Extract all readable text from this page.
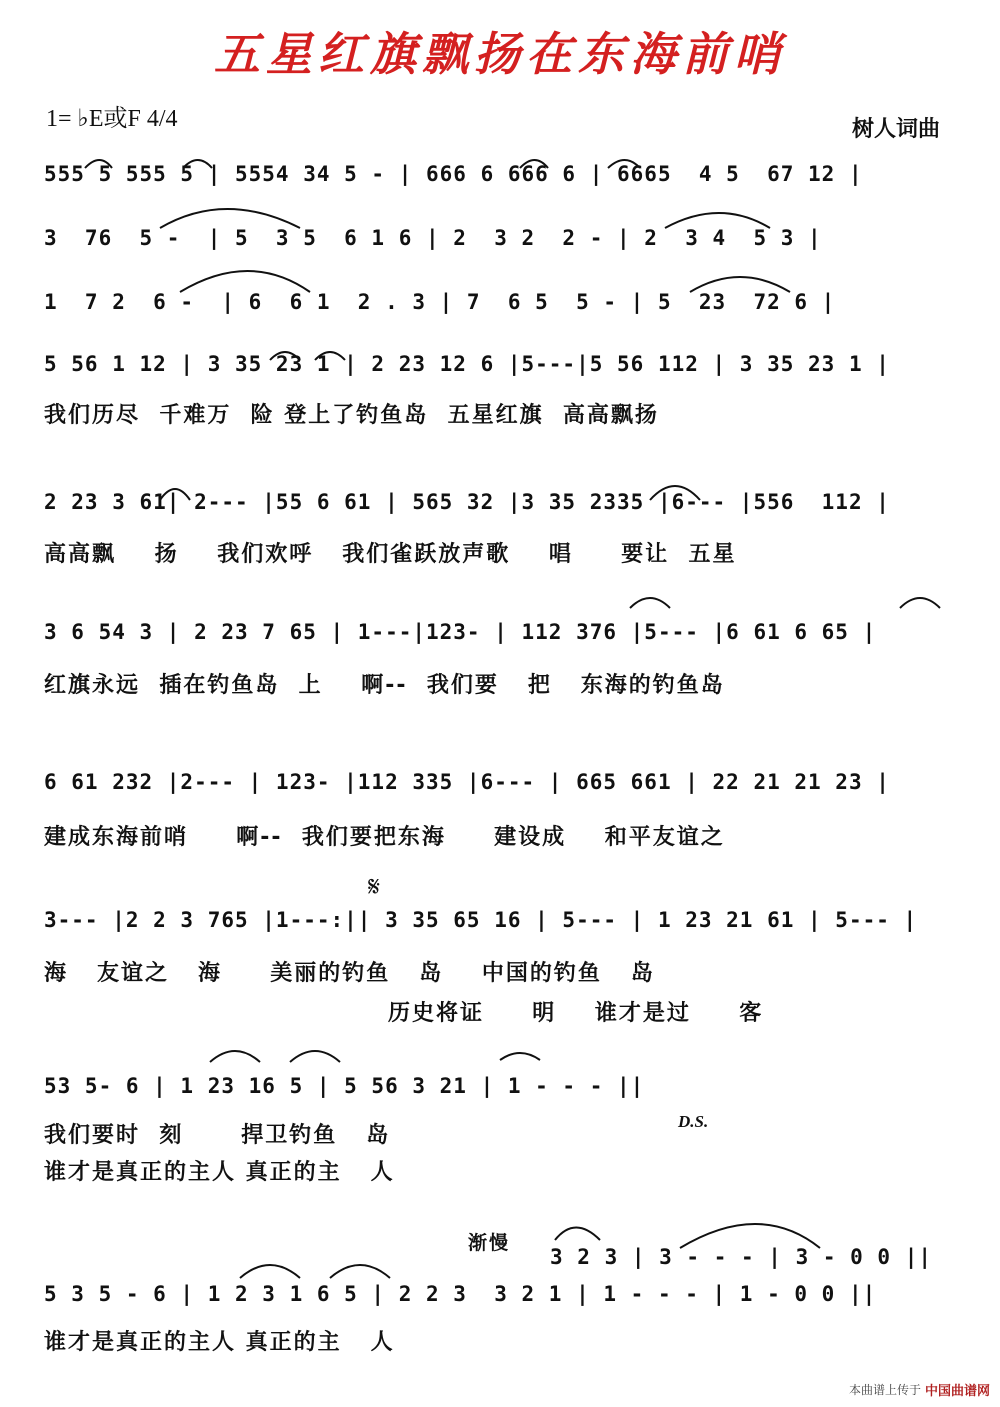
五星红旗飘扬在东海前哨
1= ♭E或F 4/4	树人词曲
555 5 555 5 | 5554 34 5 - | 666 6 666 6 | 6665  4 5  67 12 |
3  76  5 -  | 5  3 5  6 1 6 | 2  3 2  2 - | 2  3 4  5 3 |
1  7 2  6 -  | 6  6 1  2 . 3 | 7  6 5  5 - | 5  23  72 6 |
5 56 1 12 | 3 35 23 1 | 2 23 12 6 |5---|5 56 112 | 3 35 23 1 |
我们历尽  千难万  险 登上了钓鱼岛  五星红旗  高高飘扬
2 23 3 61| 2--- |55 6 61 | 565 32 |3 35 2335 |6--- |556  112 |
高高飘    扬    我们欢呼   我们雀跃放声歌    唱     要让  五星
3 6 54 3 | 2 23 7 65 | 1---|123- | 112 376 |5--- |6 61 6 65 |
红旗永远  插在钓鱼岛  上    啊--  我们要   把   东海的钓鱼岛
6 61 232 |2--- | 123- |112 335 |6--- | 665 661 | 22 21 21 23 |
建成东海前哨     啊--  我们要把东海     建设成    和平友谊之
𝄋
3--- |2 2 3 765 |1---:|| 3 35 65 16 | 5--- | 1 23 21 61 | 5--- |
海   友谊之   海     美丽的钓鱼   岛    中国的钓鱼   岛
历史将证     明    谁才是过     客
53 5- 6 | 1 23 16 5 | 5 56 3 21 | 1 - - - ||
我们要时  刻      捍卫钓鱼   岛
D.S.
谁才是真正的主人 真正的主   人
渐慢
3 2 3 | 3 - - - | 3 - 0 0 ||
5 3 5 - 6 | 1 2 3 1 6 5 | 2 2 3  3 2 1 | 1 - - - | 1 - 0 0 ||
谁才是真正的主人 真正的主   人
本曲谱上传于 中国曲谱网
